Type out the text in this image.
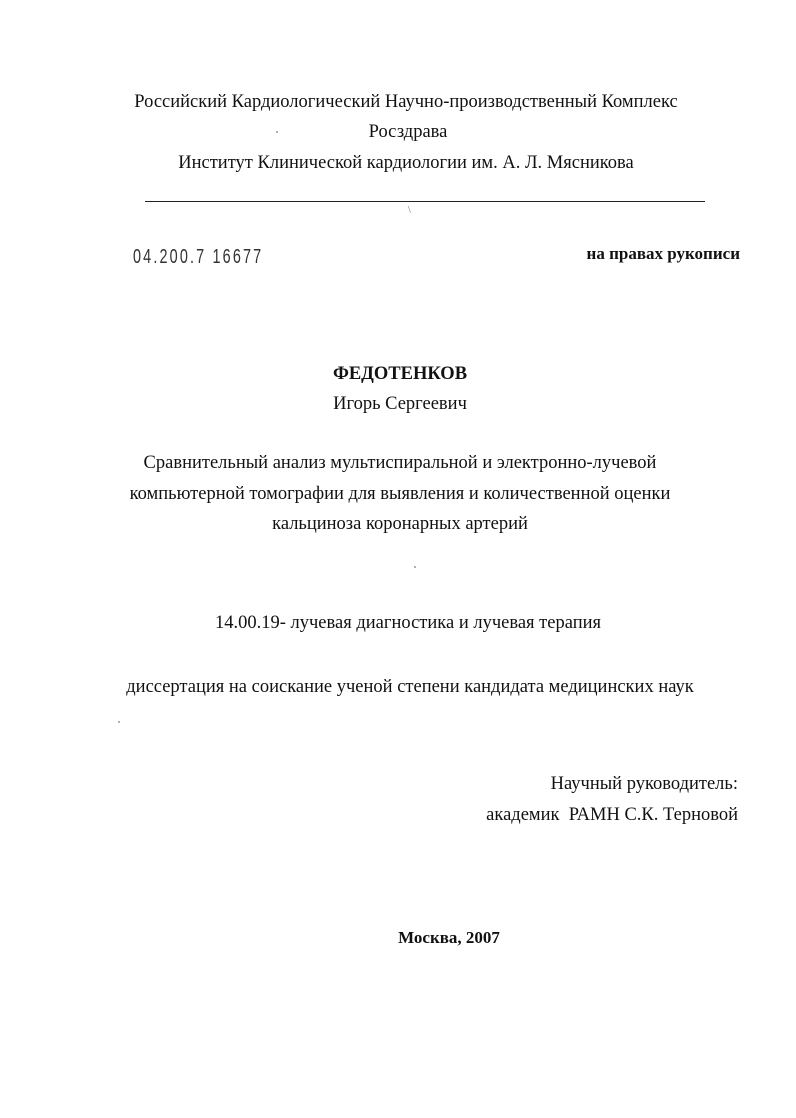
Российский Кардиологический Научно-производственный Комплекс
Росздрава
Институт Клинической кардиологии им. А. Л. Мясникова
\
04.200.7 16677	на правах рукописи
ФЕДОТЕНКОВ
Игорь Сергеевич
Сравнительный анализ мультиспиральной и электронно-лучевой
компьютерной томографии для выявления и количественной оценки
кальциноза коронарных артерий
14.00.19- лучевая диагностика и лучевая терапия
диссертация на соискание ученой степени кандидата медицинских наук
Научный руководитель:
академик  РАМН С.К. Терновой
Москва, 2007
